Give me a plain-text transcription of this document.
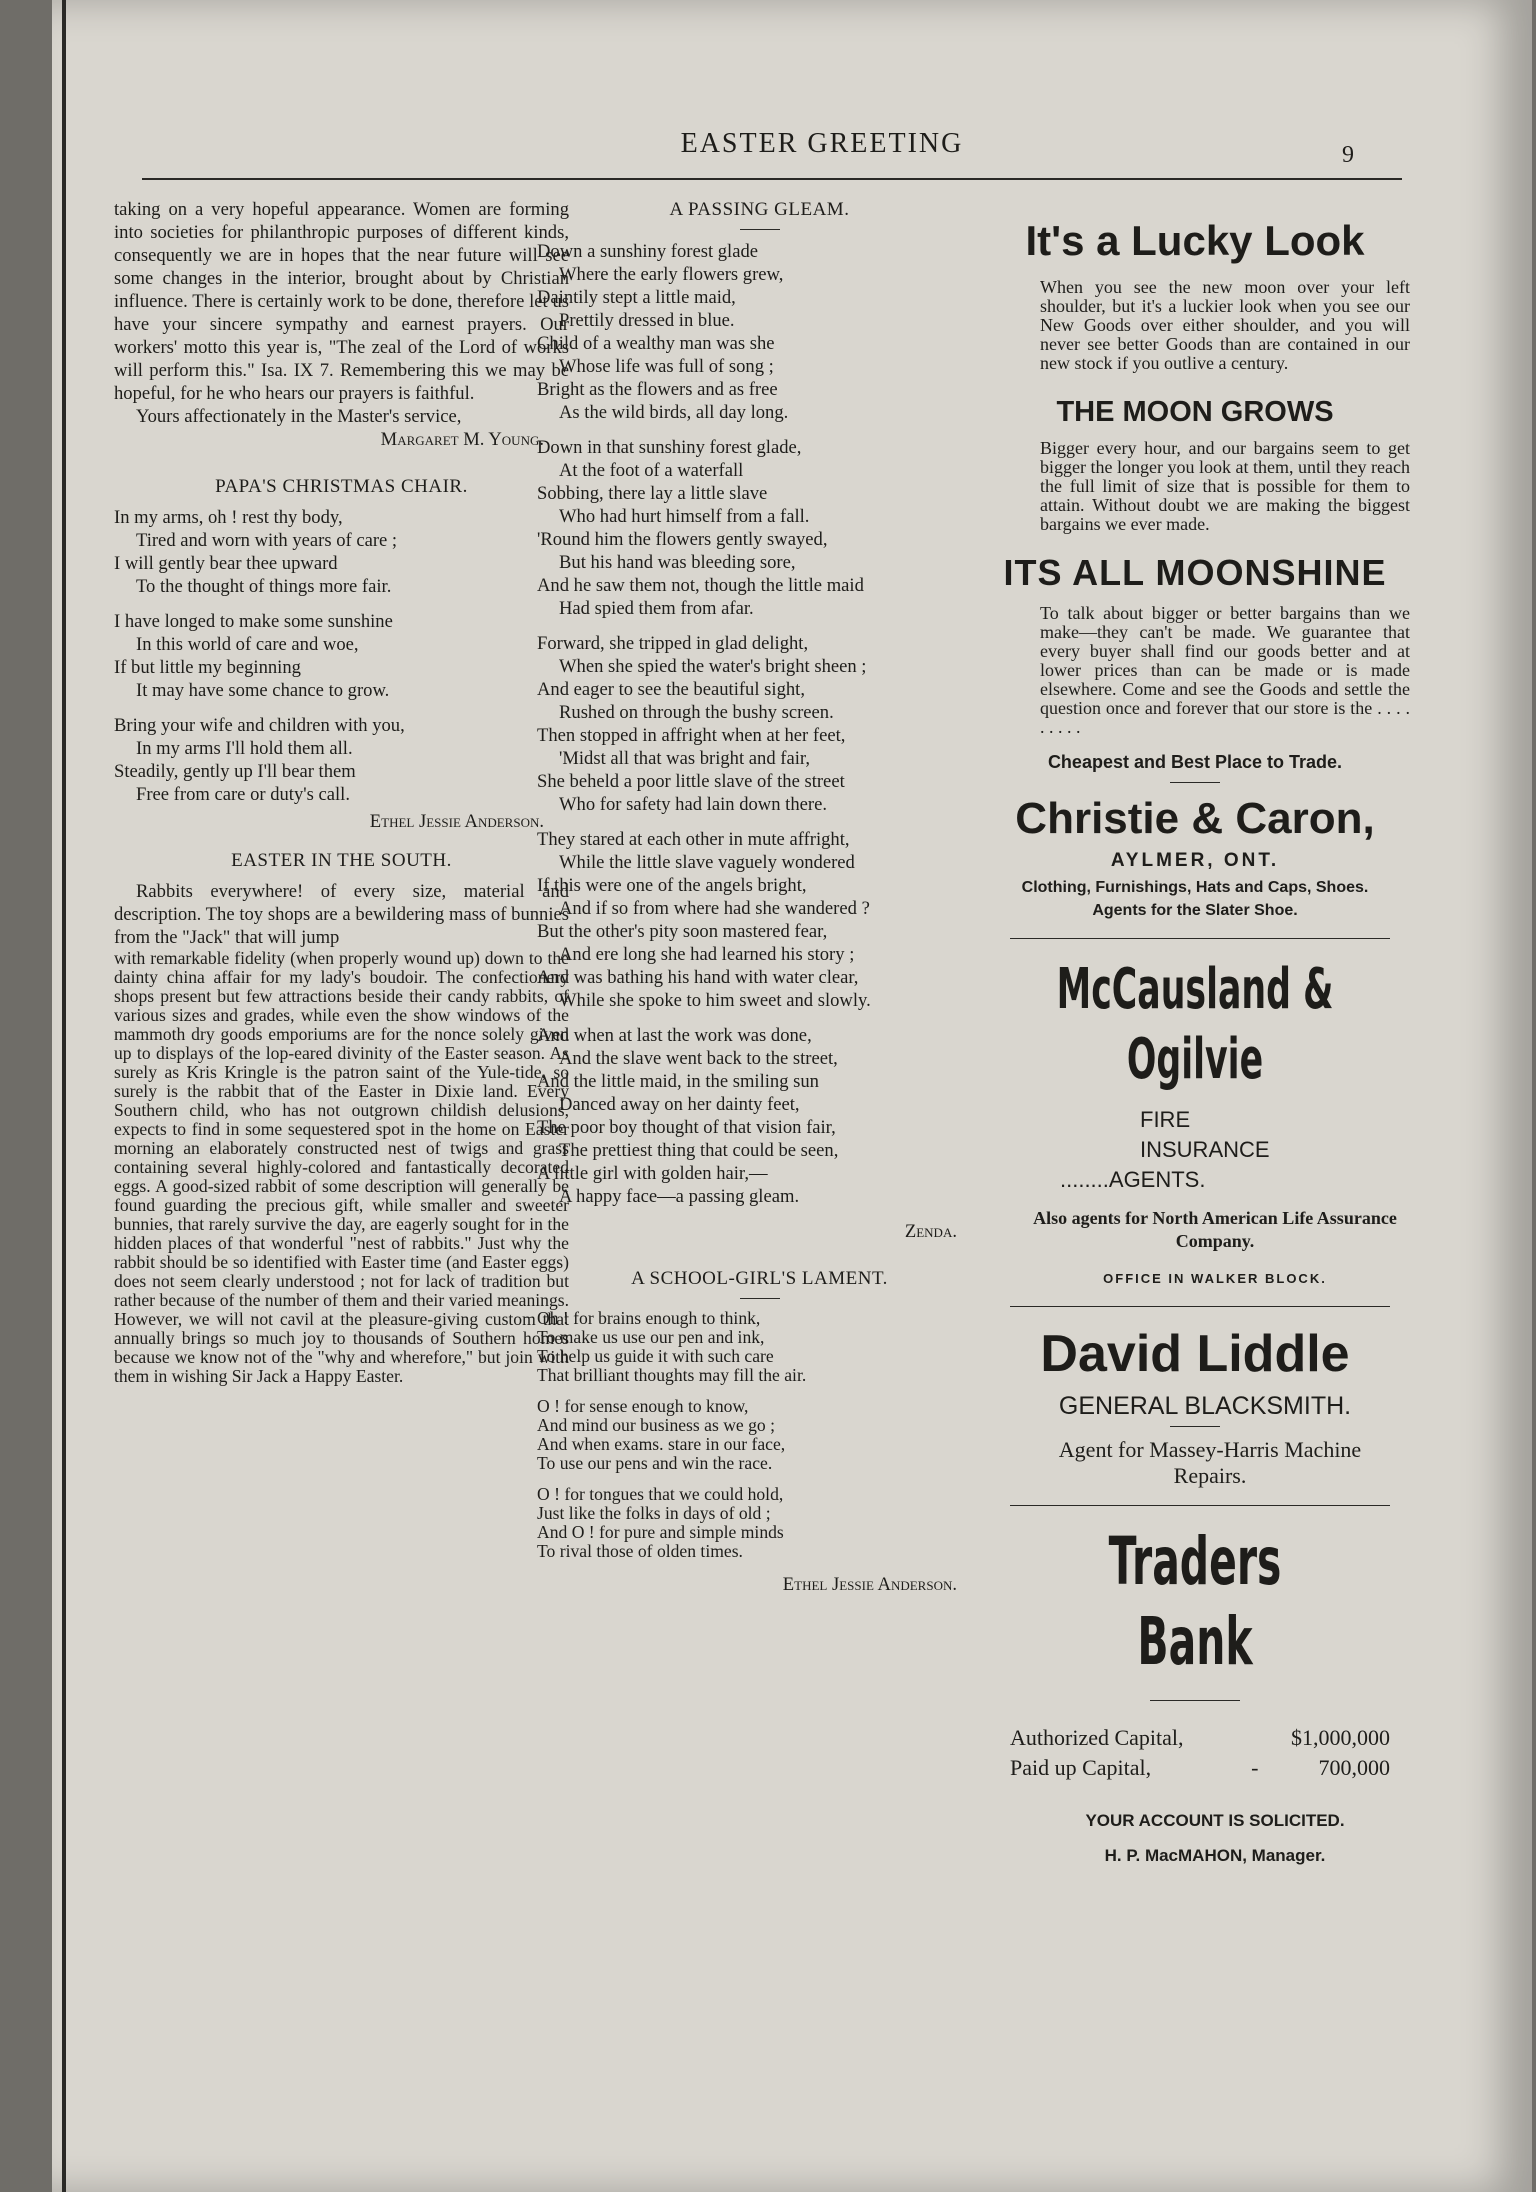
EASTER GREETING	9

taking on a very hopeful appearance. Women are forming into societies for philanthropic purposes of different kinds, consequently we are in hopes that the near future will see some changes in the interior, brought about by Christian influence. There is certainly work to be done, therefore let us have your sincere sympathy and earnest prayers. Our workers' motto this year is, "The zeal of the Lord of works will perform this." Isa. IX 7. Remembering this we may be hopeful, for he who hears our prayers is faithful.

Yours affectionately in the Master's service,

Margaret M. Young.

PAPA'S CHRISTMAS CHAIR.
In my arms, oh ! rest thy body,
Tired and worn with years of care ;
I will gently bear thee upward
To the thought of things more fair.
I have longed to make some sunshine
In this world of care and woe,
If but little my beginning
It may have some chance to grow.
Bring your wife and children with you,
In my arms I'll hold them all.
Steadily, gently up I'll bear them
Free from care or duty's call.

Ethel Jessie Anderson.

EASTER IN THE SOUTH.

Rabbits everywhere! of every size, material and description. The toy shops are a bewildering mass of bunnies from the "Jack" that will jump

with remarkable fidelity (when properly wound up) down to the dainty china affair for my lady's boudoir. The confectionery shops present but few attractions beside their candy rabbits, of various sizes and grades, while even the show windows of the mammoth dry goods emporiums are for the nonce solely given up to displays of the lop-eared divinity of the Easter season. As surely as Kris Kringle is the patron saint of the Yule-tide, so surely is the rabbit that of the Easter in Dixie land. Every Southern child, who has not outgrown childish delusions, expects to find in some sequestered spot in the home on Easter morning an elaborately constructed nest of twigs and grass containing several highly-colored and fantastically decorated eggs. A good-sized rabbit of some description will generally be found guarding the precious gift, while smaller and sweeter bunnies, that rarely survive the day, are eagerly sought for in the hidden places of that wonderful "nest of rabbits." Just why the rabbit should be so identified with Easter time (and Easter eggs) does not seem clearly understood ; not for lack of tradition but rather because of the number of them and their varied meanings. However, we will not cavil at the pleasure-giving custom that annually brings so much joy to thousands of Southern homes because we know not of the "why and wherefore," but join with them in wishing Sir Jack a Happy Easter.

A PASSING GLEAM.
Down a sunshiny forest glade
Where the early flowers grew,
Daintily stept a little maid,
Prettily dressed in blue.
Child of a wealthy man was she
Whose life was full of song ;
Bright as the flowers and as free
As the wild birds, all day long.
Down in that sunshiny forest glade,
At the foot of a waterfall
Sobbing, there lay a little slave
Who had hurt himself from a fall.
'Round him the flowers gently swayed,
But his hand was bleeding sore,
And he saw them not, though the little maid
Had spied them from afar.
Forward, she tripped in glad delight,
When she spied the water's bright sheen ;
And eager to see the beautiful sight,
Rushed on through the bushy screen.
Then stopped in affright when at her feet,
'Midst all that was bright and fair,
She beheld a poor little slave of the street
Who for safety had lain down there.
They stared at each other in mute affright,
While the little slave vaguely wondered
If this were one of the angels bright,
And if so from where had she wandered ?
But the other's pity soon mastered fear,
And ere long she had learned his story ;
And was bathing his hand with water clear,
While she spoke to him sweet and slowly.
And when at last the work was done,
And the slave went back to the street,
And the little maid, in the smiling sun
Danced away on her dainty feet,
The poor boy thought of that vision fair,
The prettiest thing that could be seen,
A little girl with golden hair,—
A happy face—a passing gleam.

Zenda.

A SCHOOL-GIRL'S LAMENT.
Oh ! for brains enough to think,
To make us use our pen and ink,
To help us guide it with such care
That brilliant thoughts may fill the air.
O ! for sense enough to know,
And mind our business as we go ;
And when exams. stare in our face,
To use our pens and win the race.
O ! for tongues that we could hold,
Just like the folks in days of old ;
And O ! for pure and simple minds
To rival those of olden times.

Ethel Jessie Anderson.

It's a Lucky Look

When you see the new moon over your left shoulder, but it's a luckier look when you see our New Goods over either shoulder, and you will never see better Goods than are contained in our new stock if you outlive a century.

THE MOON GROWS

Bigger every hour, and our bargains seem to get bigger the longer you look at them, until they reach the full limit of size that is possible for them to attain. Without doubt we are making the biggest bargains we ever made.

ITS ALL MOONSHINE

To talk about bigger or better bargains than we make—they can't be made. We guarantee that every buyer shall find our goods better and at lower prices than can be made or is made elsewhere. Come and see the Goods and settle the question once and forever that our store is the . . . . . . . . .

Cheapest and Best Place to Trade.
Christie & Caron,
AYLMER, ONT.
Clothing, Furnishings, Hats and Caps, Shoes.
Agents for the Slater Shoe.
McCausland & Ogilvie
FIRE
INSURANCE
........AGENTS.
Also agents for North American Life Assurance Company.
OFFICE IN WALKER BLOCK.
David Liddle
GENERAL BLACKSMITH.
Agent for Massey-Harris Machine Repairs.
Traders Bank
Authorized Capital,	$1,000,000
Paid up Capital,	-	700,000
YOUR ACCOUNT IS SOLICITED.
H. P. MacMAHON, Manager.
